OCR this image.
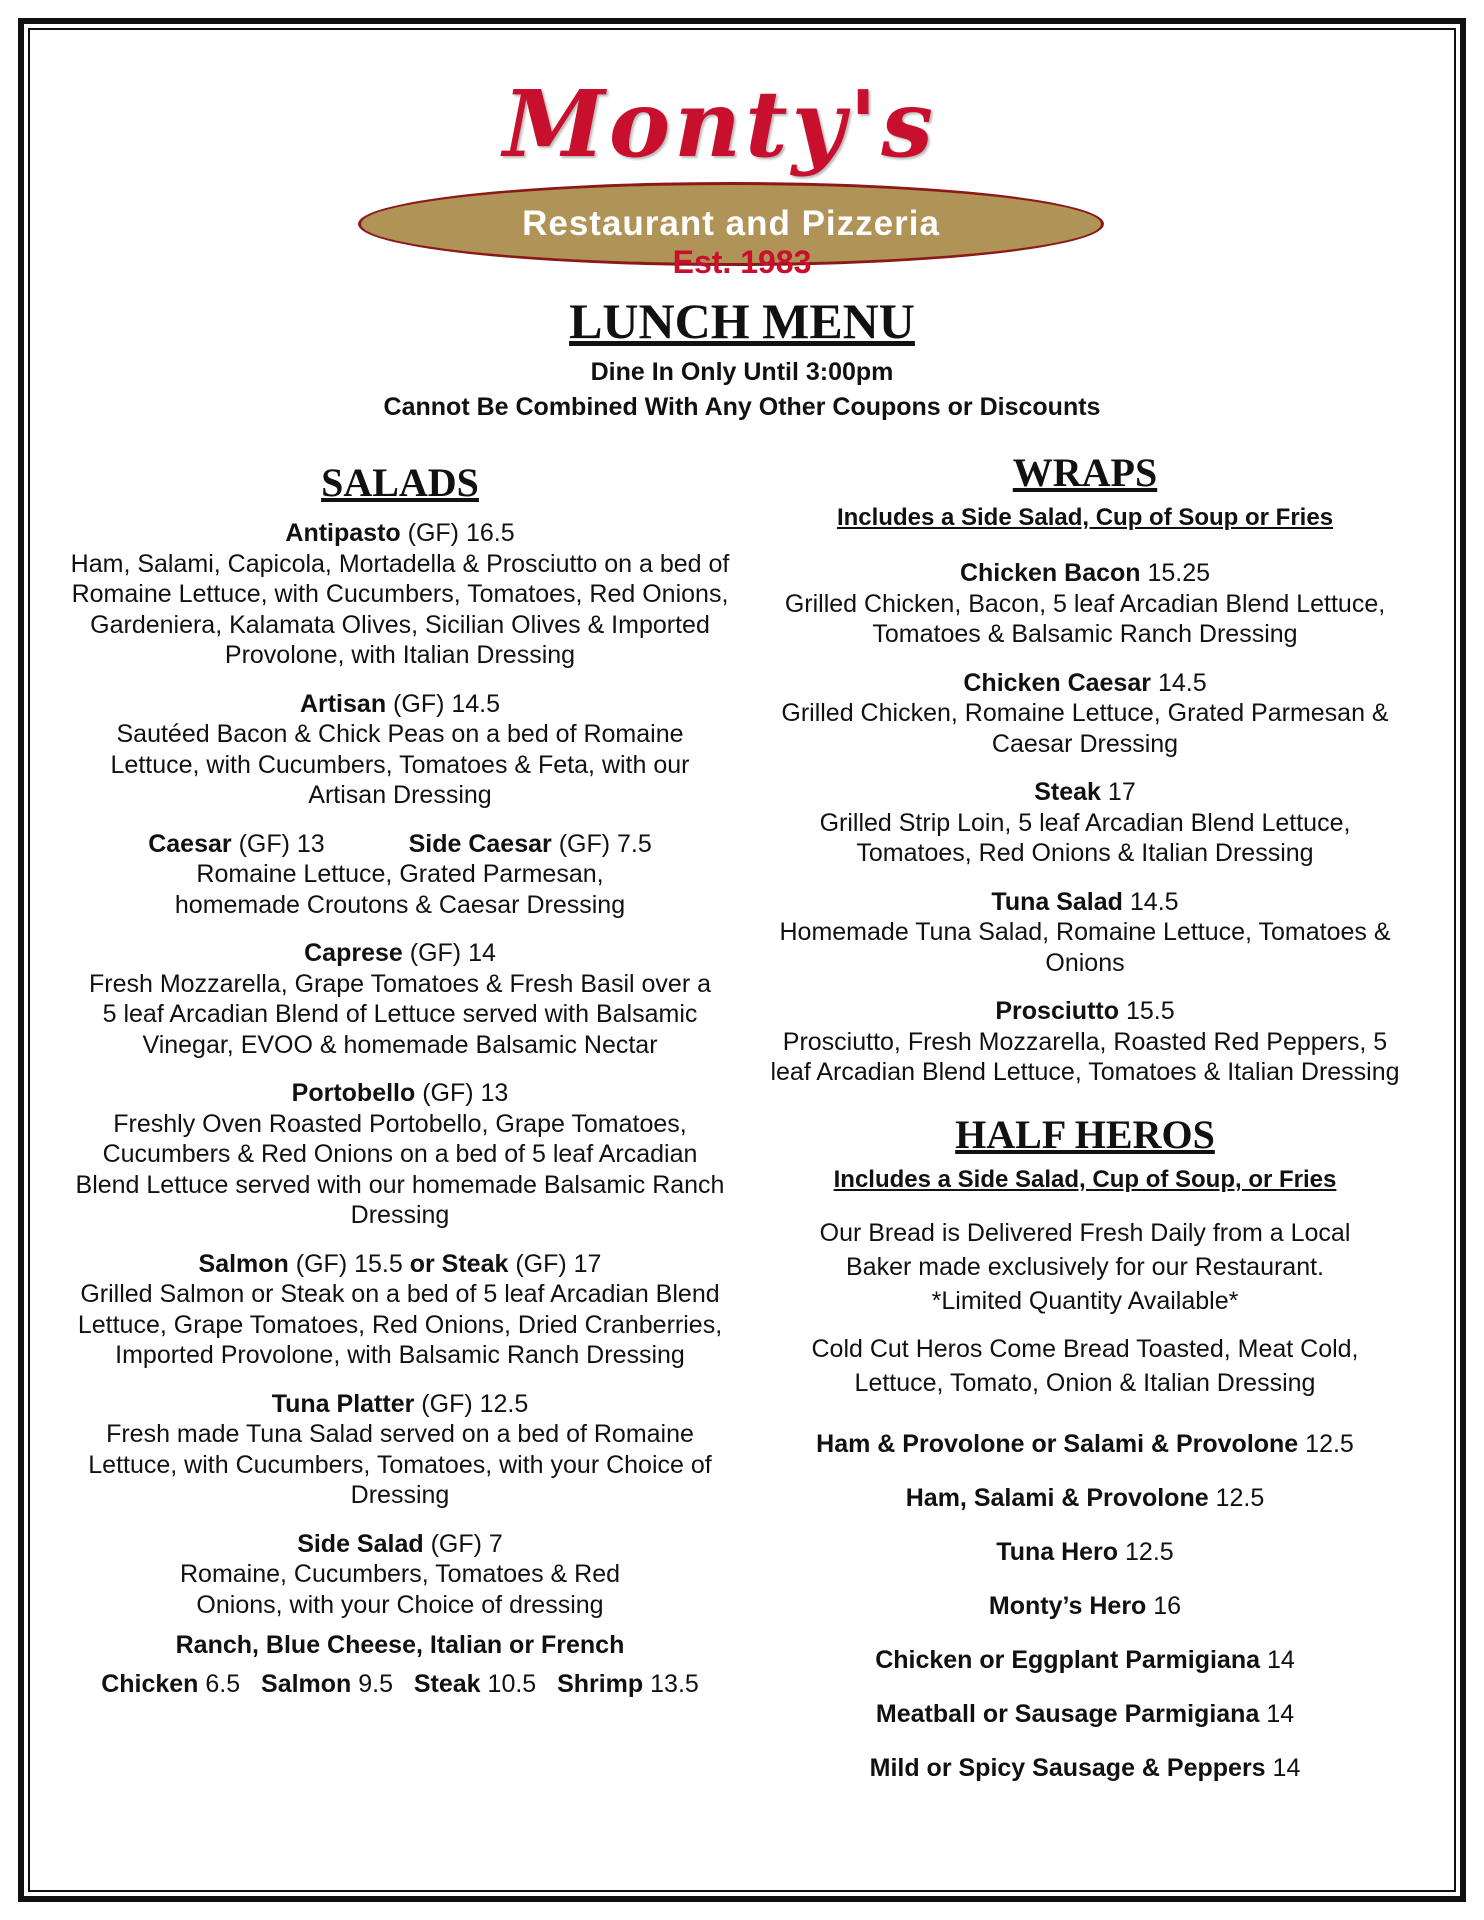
Monty's
Restaurant and Pizzeria
Est. 1983
LUNCH MENU
Dine In Only Until 3:00pm
Cannot Be Combined With Any Other Coupons or Discounts
SALADS
Antipasto (GF) 16.5
Ham, Salami, Capicola, Mortadella & Prosciutto on a bed of Romaine Lettuce, with Cucumbers, Tomatoes, Red Onions, Gardeniera, Kalamata Olives, Sicilian Olives & Imported Provolone, with Italian Dressing
Artisan (GF) 14.5
Sautéed Bacon & Chick Peas on a bed of Romaine Lettuce, with Cucumbers, Tomatoes & Feta, with our Artisan Dressing
Caesar (GF) 13	Side Caesar (GF) 7.5
Romaine Lettuce, Grated Parmesan, homemade Croutons & Caesar Dressing
Caprese (GF) 14
Fresh Mozzarella, Grape Tomatoes & Fresh Basil over a 5 leaf Arcadian Blend of Lettuce served with Balsamic Vinegar, EVOO & homemade Balsamic Nectar
Portobello (GF) 13
Freshly Oven Roasted Portobello, Grape Tomatoes, Cucumbers & Red Onions on a bed of 5 leaf Arcadian Blend Lettuce served with our homemade Balsamic Ranch Dressing
Salmon (GF) 15.5 or Steak (GF) 17
Grilled Salmon or Steak on a bed of 5 leaf Arcadian Blend Lettuce, Grape Tomatoes, Red Onions, Dried Cranberries, Imported Provolone, with Balsamic Ranch Dressing
Tuna Platter (GF) 12.5
Fresh made Tuna Salad served on a bed of Romaine Lettuce, with Cucumbers, Tomatoes, with your Choice of Dressing
Side Salad (GF) 7
Romaine, Cucumbers, Tomatoes & Red Onions, with your Choice of dressing
Ranch, Blue Cheese, Italian or French
Chicken 6.5 Salmon 9.5 Steak 10.5 Shrimp 13.5
WRAPS
Includes a Side Salad, Cup of Soup or Fries
Chicken Bacon 15.25
Grilled Chicken, Bacon, 5 leaf Arcadian Blend Lettuce, Tomatoes & Balsamic Ranch Dressing
Chicken Caesar 14.5
Grilled Chicken, Romaine Lettuce, Grated Parmesan & Caesar Dressing
Steak 17
Grilled Strip Loin, 5 leaf Arcadian Blend Lettuce, Tomatoes, Red Onions & Italian Dressing
Tuna Salad 14.5
Homemade Tuna Salad, Romaine Lettuce, Tomatoes & Onions
Prosciutto 15.5
Prosciutto, Fresh Mozzarella, Roasted Red Peppers, 5 leaf Arcadian Blend Lettuce, Tomatoes & Italian Dressing
HALF HEROS
Includes a Side Salad, Cup of Soup, or Fries
Our Bread is Delivered Fresh Daily from a Local Baker made exclusively for our Restaurant.
*Limited Quantity Available*
Cold Cut Heros Come Bread Toasted, Meat Cold, Lettuce, Tomato, Onion & Italian Dressing
Ham & Provolone or Salami & Provolone 12.5
Ham, Salami & Provolone 12.5
Tuna Hero 12.5
Monty’s Hero 16
Chicken or Eggplant Parmigiana 14
Meatball or Sausage Parmigiana 14
Mild or Spicy Sausage & Peppers 14
